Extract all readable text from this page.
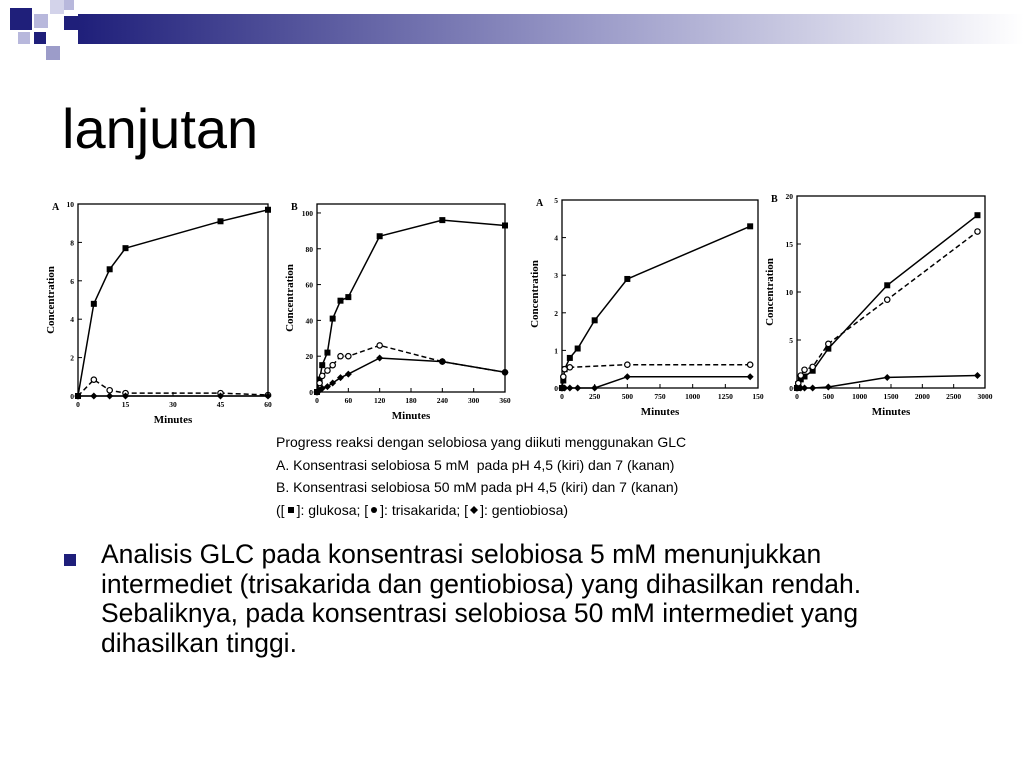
lanjutan
A
0	15	30	45	60
0
2
4
6
8
10
Minutes
Concentration
B
0	60	120	180	240	300	360
0
20
40
60
80
100
Minutes
Concentration
A
0	250	500	750	1000 1250	150
0
1
2
3
4
5
Minutes
Concentration
B
0	500 1000 1500 2000 2500 3000
0
5
10
15
20
Minutes
Concentration
Progress reaksi dengan selobiosa yang diikuti menggunakan GLC
A. Konsentrasi selobiosa 5 mM  pada pH 4,5 (kiri) dan 7 (kanan)
B. Konsentrasi selobiosa 50 mM pada pH 4,5 (kiri) dan 7 (kanan)
([ ]: glukosa; [ ]: trisakarida; [ ]: gentiobiosa)
Analisis GLC pada konsentrasi selobiosa 5 mM menunjukkan intermediet (trisakarida dan gentiobiosa) yang dihasilkan rendah. Sebaliknya, pada konsentrasi selobiosa 50 mM intermediet yang dihasilkan tinggi.
